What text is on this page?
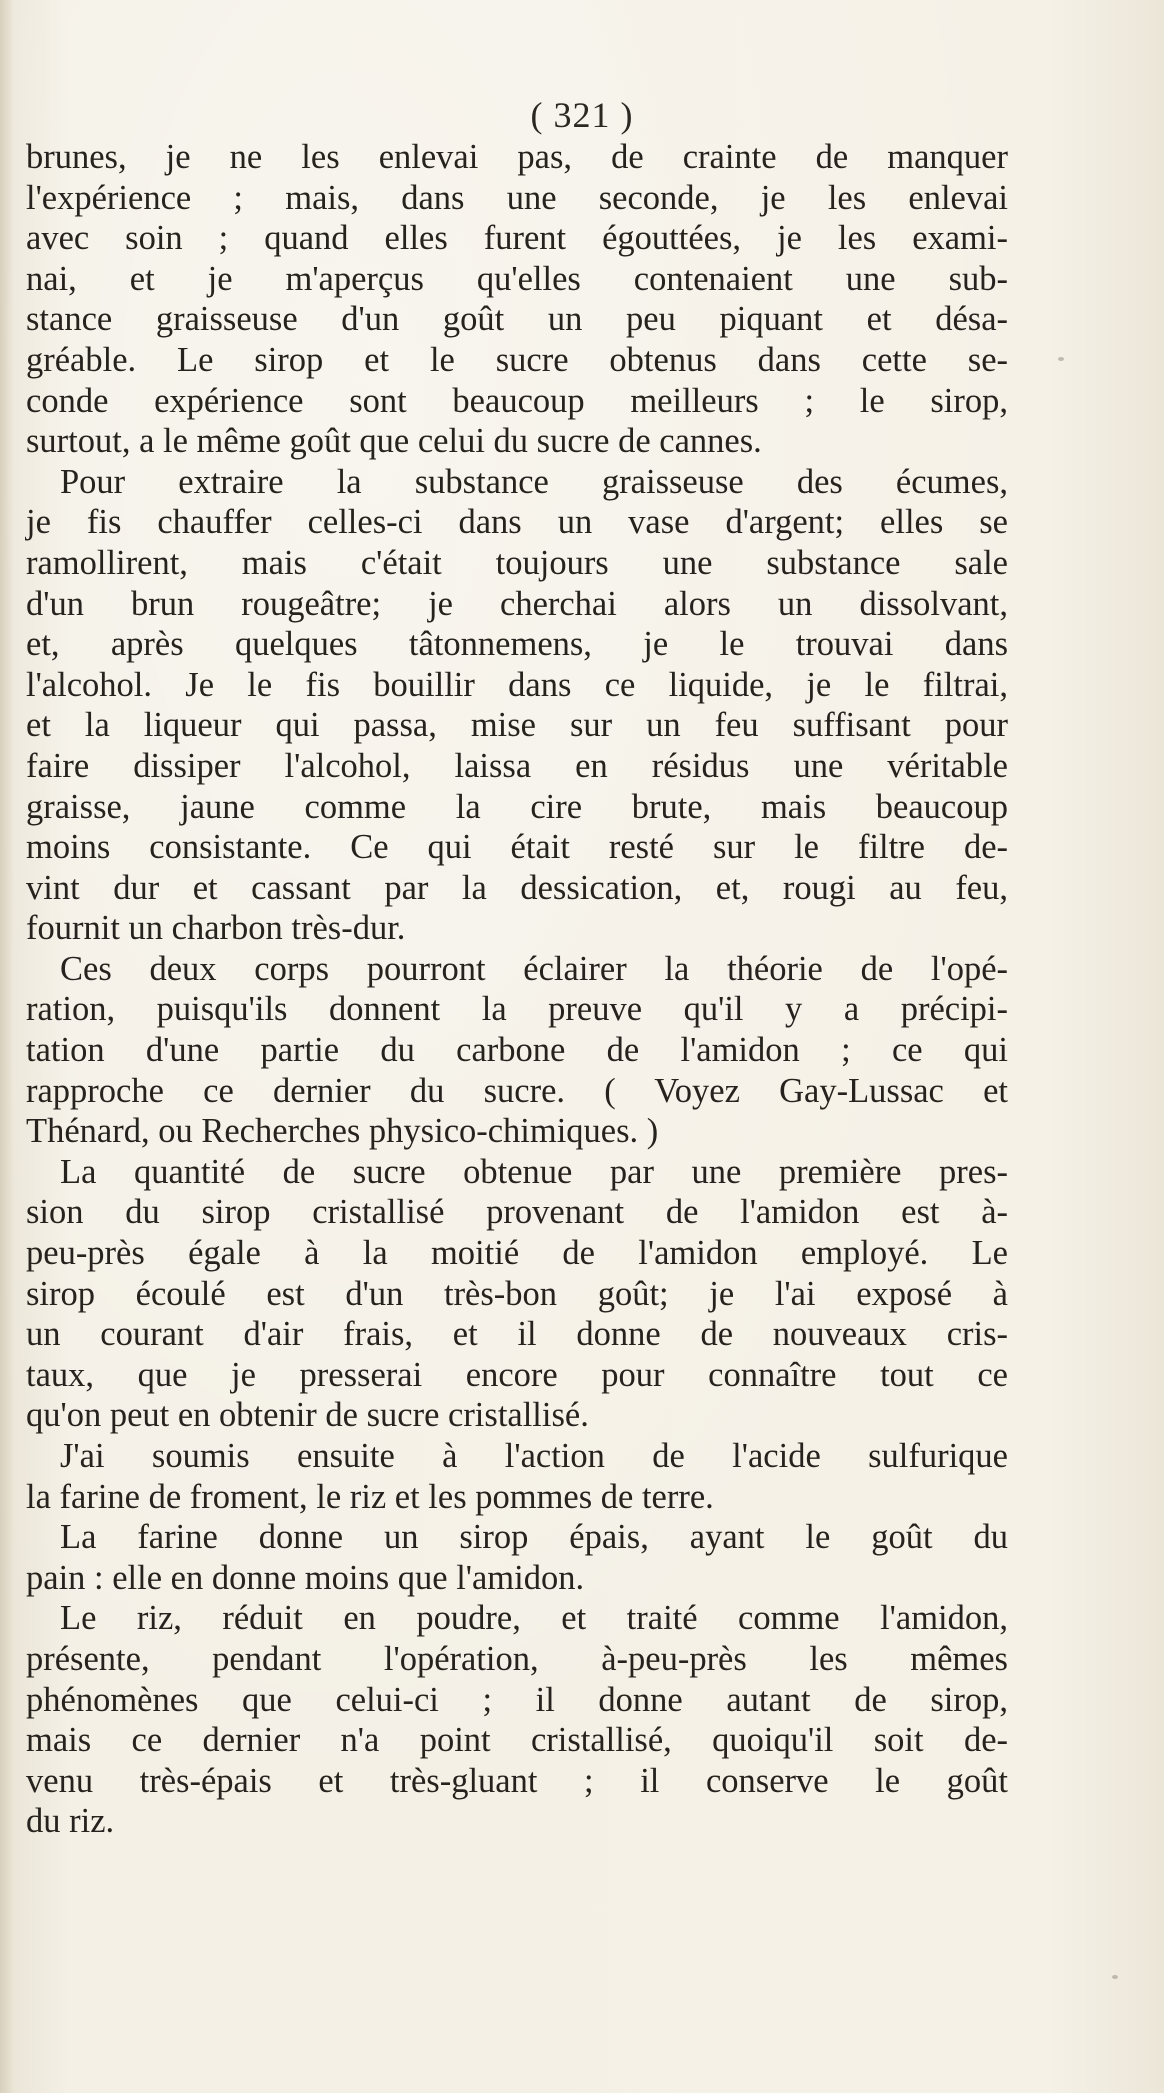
( 321 )
brunes, je ne les enlevai pas, de crainte de manquer
l'expérience ; mais, dans une seconde, je les enlevai
avec soin ; quand elles furent égouttées, je les exami-
nai, et je m'aperçus qu'elles contenaient une sub-
stance graisseuse d'un goût un peu piquant et désa-
gréable. Le sirop et le sucre obtenus dans cette se-
conde expérience sont beaucoup meilleurs ; le sirop,
surtout, a le même goût que celui du sucre de cannes.
Pour extraire la substance graisseuse des écumes,
je fis chauffer celles-ci dans un vase d'argent; elles se
ramollirent, mais c'était toujours une substance sale
d'un brun rougeâtre; je cherchai alors un dissolvant,
et, après quelques tâtonnemens, je le trouvai dans
l'alcohol. Je le fis bouillir dans ce liquide, je le filtrai,
et la liqueur qui passa, mise sur un feu suffisant pour
faire dissiper l'alcohol, laissa en résidus une véritable
graisse, jaune comme la cire brute, mais beaucoup
moins consistante. Ce qui était resté sur le filtre de-
vint dur et cassant par la dessication, et, rougi au feu,
fournit un charbon très-dur.
Ces deux corps pourront éclairer la théorie de l'opé-
ration, puisqu'ils donnent la preuve qu'il y a précipi-
tation d'une partie du carbone de l'amidon ; ce qui
rapproche ce dernier du sucre. ( Voyez Gay-Lussac et
Thénard, ou Recherches physico-chimiques. )
La quantité de sucre obtenue par une première pres-
sion du sirop cristallisé provenant de l'amidon est à-
peu-près égale à la moitié de l'amidon employé. Le
sirop écoulé est d'un très-bon goût; je l'ai exposé à
un courant d'air frais, et il donne de nouveaux cris-
taux, que je presserai encore pour connaître tout ce
qu'on peut en obtenir de sucre cristallisé.
J'ai soumis ensuite à l'action de l'acide sulfurique
la farine de froment, le riz et les pommes de terre.
La farine donne un sirop épais, ayant le goût du
pain : elle en donne moins que l'amidon.
Le riz, réduit en poudre, et traité comme l'amidon,
présente, pendant l'opération, à-peu-près les mêmes
phénomènes que celui-ci ; il donne autant de sirop,
mais ce dernier n'a point cristallisé, quoiqu'il soit de-
venu très-épais et très-gluant ; il conserve le goût
du riz.
